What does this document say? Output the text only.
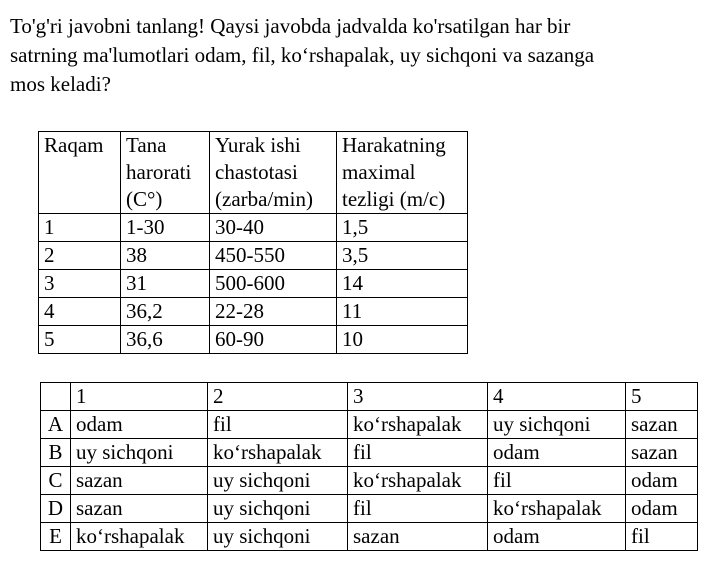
To'g'ri javobni tanlang! Qaysi javobda jadvalda ko'rsatilgan har bir
satrning ma'lumotlari odam, fil, ko‘rshapalak, uy sichqoni va sazanga
mos keladi?
Raqam	Tana harorati (C°)	Yurak ishi chastotasi (zarba/min)	Harakatning maximal tezligi (m/c)
1	1-30	30-40	1,5
2	38	450-550	3,5
3	31	500-600	14
4	36,2	22-28	11
5	36,6	60-90	10
	1	2	3	4	5
A	odam	fil	ko‘rshapalak	uy sichqoni	sazan
B	uy sichqoni	ko‘rshapalak	fil	odam	sazan
C	sazan	uy sichqoni	ko‘rshapalak	fil	odam
D	sazan	uy sichqoni	fil	ko‘rshapalak	odam
E	ko‘rshapalak	uy sichqoni	sazan	odam	fil
